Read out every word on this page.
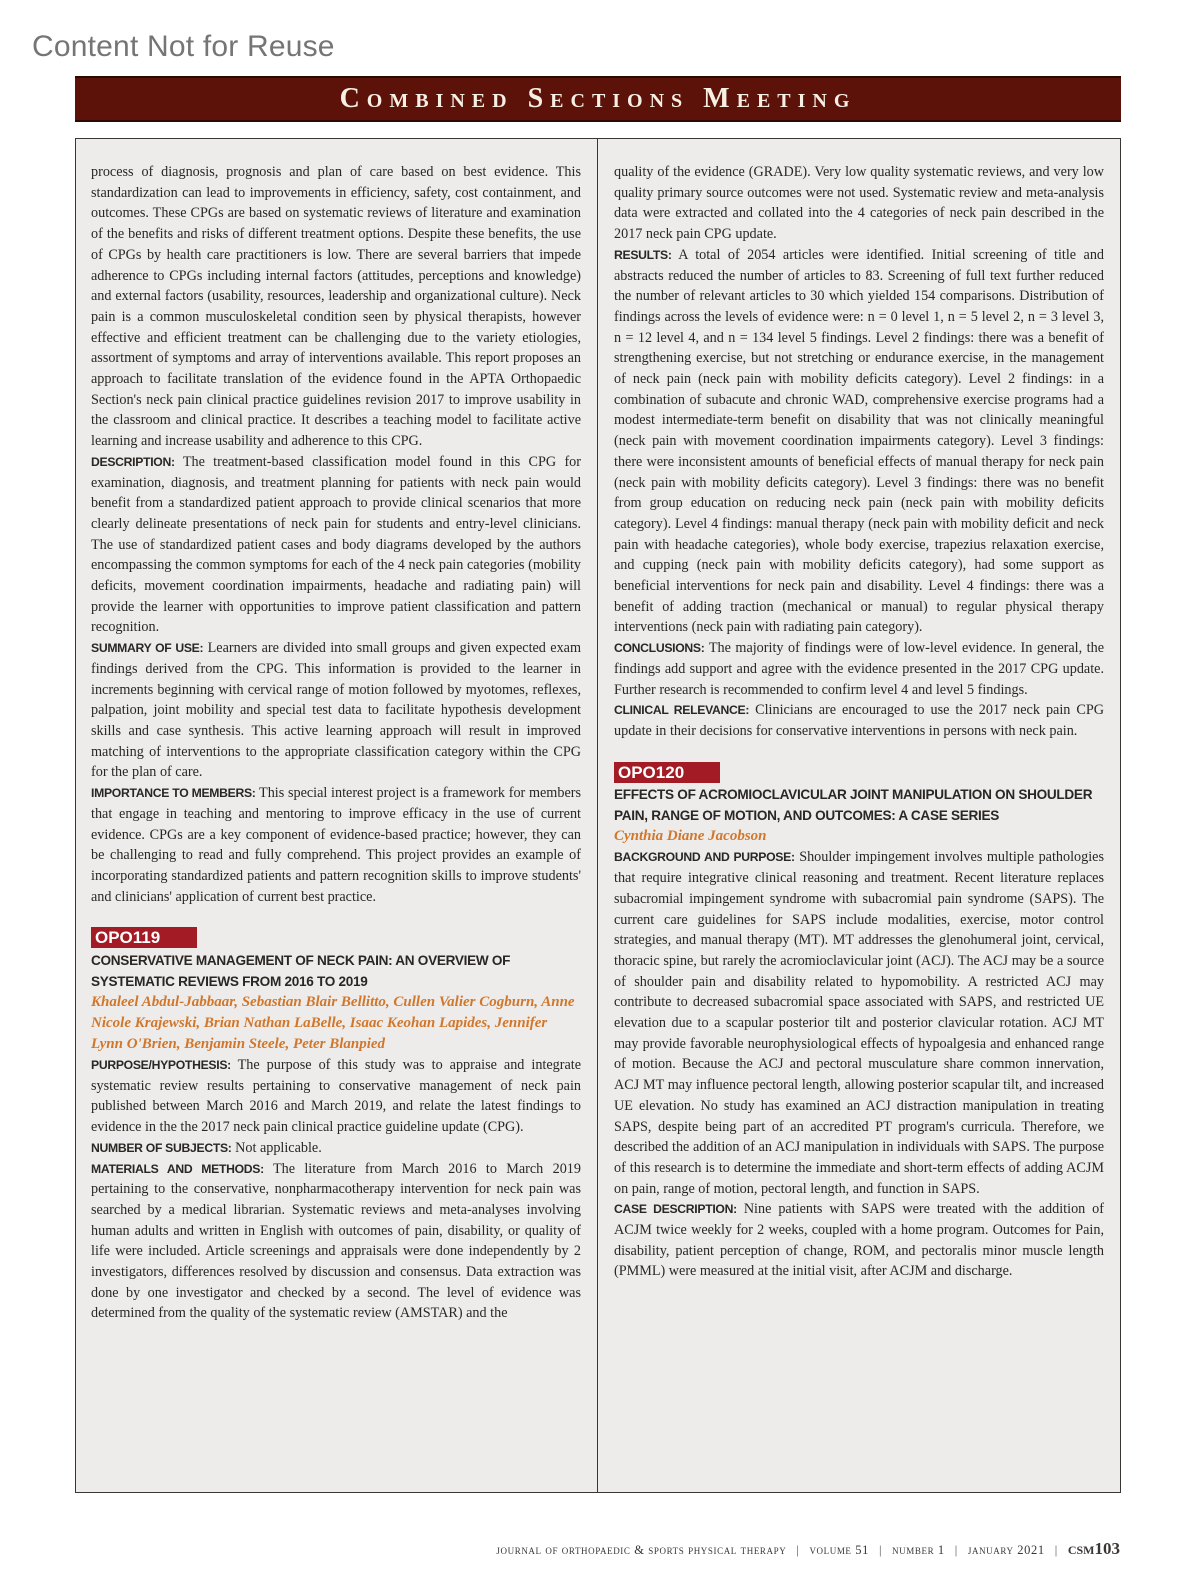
Content Not for Reuse
Combined Sections Meeting

process of diagnosis, prognosis and plan of care based on best evidence. This standardization can lead to improvements in efficiency, safety, cost containment, and outcomes. These CPGs are based on systematic reviews of literature and examination of the benefits and risks of different treatment options. Despite these benefits, the use of CPGs by health care practitioners is low. There are several barriers that impede adherence to CPGs including internal factors (attitudes, perceptions and knowledge) and external factors (usability, resources, leadership and organizational culture). Neck pain is a common musculoskeletal condition seen by physical therapists, however effective and efficient treatment can be challenging due to the variety etiologies, assortment of symptoms and array of interventions available. This report proposes an approach to facilitate translation of the evidence found in the APTA Orthopaedic Section's neck pain clinical practice guidelines revision 2017 to improve usability in the classroom and clinical practice. It describes a teaching model to facilitate active learning and increase usability and adherence to this CPG.

DESCRIPTION: The treatment-based classification model found in this CPG for examination, diagnosis, and treatment planning for patients with neck pain would benefit from a standardized patient approach to provide clinical scenarios that more clearly delineate presentations of neck pain for students and entry-level clinicians. The use of standardized patient cases and body diagrams developed by the authors encompassing the common symptoms for each of the 4 neck pain categories (mobility deficits, movement coordination impairments, headache and radiating pain) will provide the learner with opportunities to improve patient classification and pattern recognition.

SUMMARY OF USE: Learners are divided into small groups and given expected exam findings derived from the CPG. This information is provided to the learner in increments beginning with cervical range of motion followed by myotomes, reflexes, palpation, joint mobility and special test data to facilitate hypothesis development skills and case synthesis. This active learning approach will result in improved matching of interventions to the appropriate classification category within the CPG for the plan of care.

IMPORTANCE TO MEMBERS: This special interest project is a framework for members that engage in teaching and mentoring to improve efficacy in the use of current evidence. CPGs are a key component of evidence-based practice; however, they can be challenging to read and fully comprehend. This project provides an example of incorporating standardized patients and pattern recognition skills to improve students' and clinicians' application of current best practice.

OPO119

CONSERVATIVE MANAGEMENT OF NECK PAIN: AN OVERVIEW OF SYSTEMATIC REVIEWS FROM 2016 TO 2019

Khaleel Abdul-Jabbaar, Sebastian Blair Bellitto, Cullen Valier Cogburn, Anne Nicole Krajewski, Brian Nathan LaBelle, Isaac Keohan Lapides, Jennifer Lynn O'Brien, Benjamin Steele, Peter Blanpied

PURPOSE/HYPOTHESIS: The purpose of this study was to appraise and integrate systematic review results pertaining to conservative management of neck pain published between March 2016 and March 2019, and relate the latest findings to evidence in the the 2017 neck pain clinical practice guideline update (CPG).

NUMBER OF SUBJECTS: Not applicable.

MATERIALS AND METHODS: The literature from March 2016 to March 2019 pertaining to the conservative, nonpharmacotherapy intervention for neck pain was searched by a medical librarian. Systematic reviews and meta-analyses involving human adults and written in English with outcomes of pain, disability, or quality of life were included. Article screenings and appraisals were done independently by 2 investigators, differences resolved by discussion and consensus. Data extraction was done by one investigator and checked by a second. The level of evidence was determined from the quality of the systematic review (AMSTAR) and the

quality of the evidence (GRADE). Very low quality systematic reviews, and very low quality primary source outcomes were not used. Systematic review and meta-analysis data were extracted and collated into the 4 categories of neck pain described in the 2017 neck pain CPG update.

RESULTS: A total of 2054 articles were identified. Initial screening of title and abstracts reduced the number of articles to 83. Screening of full text further reduced the number of relevant articles to 30 which yielded 154 comparisons. Distribution of findings across the levels of evidence were: n = 0 level 1, n = 5 level 2, n = 3 level 3, n = 12 level 4, and n = 134 level 5 findings. Level 2 findings: there was a benefit of strengthening exercise, but not stretching or endurance exercise, in the management of neck pain (neck pain with mobility deficits category). Level 2 findings: in a combination of subacute and chronic WAD, comprehensive exercise programs had a modest intermediate-term benefit on disability that was not clinically meaningful (neck pain with movement coordination impairments category). Level 3 findings: there were inconsistent amounts of beneficial effects of manual therapy for neck pain (neck pain with mobility deficits category). Level 3 findings: there was no benefit from group education on reducing neck pain (neck pain with mobility deficits category). Level 4 findings: manual therapy (neck pain with mobility deficit and neck pain with headache categories), whole body exercise, trapezius relaxation exercise, and cupping (neck pain with mobility deficits category), had some support as beneficial interventions for neck pain and disability. Level 4 findings: there was a benefit of adding traction (mechanical or manual) to regular physical therapy interventions (neck pain with radiating pain category).

CONCLUSIONS: The majority of findings were of low-level evidence. In general, the findings add support and agree with the evidence presented in the 2017 CPG update. Further research is recommended to confirm level 4 and level 5 findings.

CLINICAL RELEVANCE: Clinicians are encouraged to use the 2017 neck pain CPG update in their decisions for conservative interventions in persons with neck pain.

OPO120

EFFECTS OF ACROMIOCLAVICULAR JOINT MANIPULATION ON SHOULDER PAIN, RANGE OF MOTION, AND OUTCOMES: A CASE SERIES

Cynthia Diane Jacobson

BACKGROUND AND PURPOSE: Shoulder impingement involves multiple pathologies that require integrative clinical reasoning and treatment. Recent literature replaces subacromial impingement syndrome with subacromial pain syndrome (SAPS). The current care guidelines for SAPS include modalities, exercise, motor control strategies, and manual therapy (MT). MT addresses the glenohumeral joint, cervical, thoracic spine, but rarely the acromioclavicular joint (ACJ). The ACJ may be a source of shoulder pain and disability related to hypomobility. A restricted ACJ may contribute to decreased subacromial space associated with SAPS, and restricted UE elevation due to a scapular posterior tilt and posterior clavicular rotation. ACJ MT may provide favorable neurophysiological effects of hypoalgesia and enhanced range of motion. Because the ACJ and pectoral musculature share common innervation, ACJ MT may influence pectoral length, allowing posterior scapular tilt, and increased UE elevation. No study has examined an ACJ distraction manipulation in treating SAPS, despite being part of an accredited PT program's curricula. Therefore, we described the addition of an ACJ manipulation in individuals with SAPS. The purpose of this research is to determine the immediate and short-term effects of adding ACJM on pain, range of motion, pectoral length, and function in SAPS.

CASE DESCRIPTION: Nine patients with SAPS were treated with the addition of ACJM twice weekly for 2 weeks, coupled with a home program. Outcomes for Pain, disability, patient perception of change, ROM, and pectoralis minor muscle length (PMML) were measured at the initial visit, after ACJM and discharge.

journal of orthopaedic & sports physical therapy | volume 51 | number 1 | january 2021 | csm103
